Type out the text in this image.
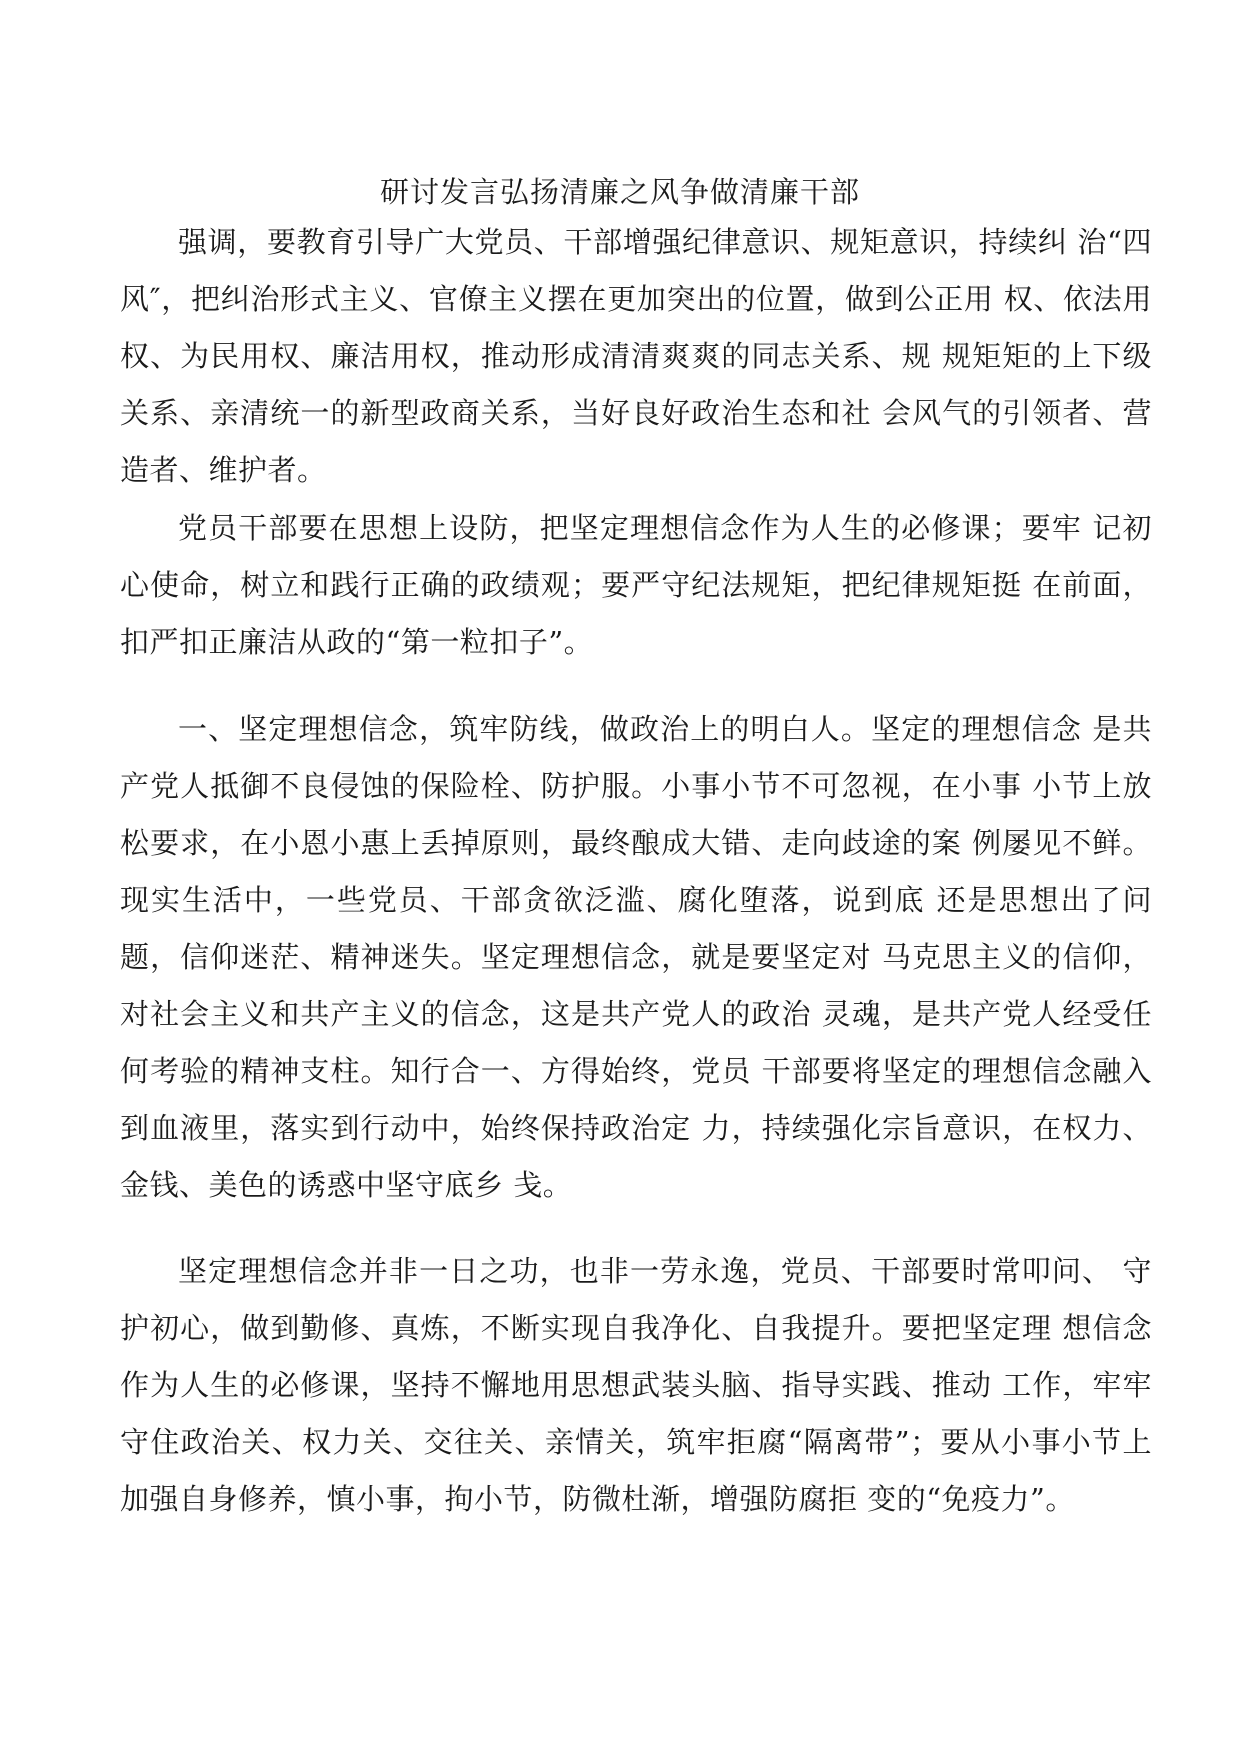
研讨发言弘扬清廉之风争做清廉干部

强调，要教育引导广大党员、干部增强纪律意识、规矩意识，持续纠 治“四风″，把纠治形式主义、官僚主义摆在更加突出的位置，做到公正用 权、依法用权、为民用权、廉洁用权，推动形成清清爽爽的同志关系、规 规矩矩的上下级关系、亲清统一的新型政商关系，当好良好政治生态和社 会风气的引领者、营造者、维护者。

党员干部要在思想上设防，把坚定理想信念作为人生的必修课；要牢 记初心使命，树立和践行正确的政绩观；要严守纪法规矩，把纪律规矩挺 在前面，扣严扣正廉洁从政的“第一粒扣子”。

一、坚定理想信念，筑牢防线，做政治上的明白人。坚定的理想信念 是共产党人抵御不良侵蚀的保险栓、防护服。小事小节不可忽视，在小事 小节上放松要求，在小恩小惠上丢掉原则，最终酿成大错、走向歧途的案 例屡见不鲜。现实生活中，一些党员、干部贪欲泛滥、腐化堕落，说到底 还是思想出了问题，信仰迷茫、精神迷失。坚定理想信念，就是要坚定对 马克思主义的信仰，对社会主义和共产主义的信念，这是共产党人的政治 灵魂，是共产党人经受任何考验的精神支柱。知行合一、方得始终，党员 干部要将坚定的理想信念融入到血液里，落实到行动中，始终保持政治定 力，持续强化宗旨意识，在权力、金钱、美色的诱惑中坚守底乡 戋。

坚定理想信念并非一日之功，也非一劳永逸，党员、干部要时常叩问、 守护初心，做到勤修、真炼，不断实现自我净化、自我提升。要把坚定理 想信念作为人生的必修课，坚持不懈地用思想武装头脑、指导实践、推动 工作，牢牢守住政治关、权力关、交往关、亲情关，筑牢拒腐“隔离带”；要从小事小节上加强自身修养，慎小事，拘小节，防微杜渐，增强防腐拒 变的“免疫力”。
